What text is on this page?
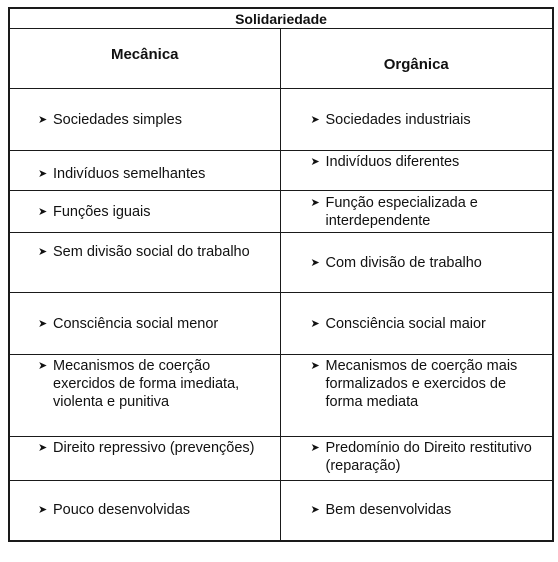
Solidariedade	

Mecânica	Orgânica

➤ Sociedades simples	➤ Sociedades industriais

➤ Indivíduos semelhantes	➤ Indivíduos diferentes

➤ Funções iguais	➤ Função especializada e interdependente

➤ Sem divisão social do trabalho	➤ Com divisão de trabalho

➤ Consciência social menor	➤ Consciência social maior

➤ Mecanismos de coerção exercidos de forma imediata, violenta e punitiva	➤ Mecanismos de coerção mais formalizados e exercidos de forma mediata

➤ Direito repressivo (prevenções)	➤ Predomínio do Direito restitutivo (reparação)

➤ Pouco desenvolvidas	➤ Bem desenvolvidas
